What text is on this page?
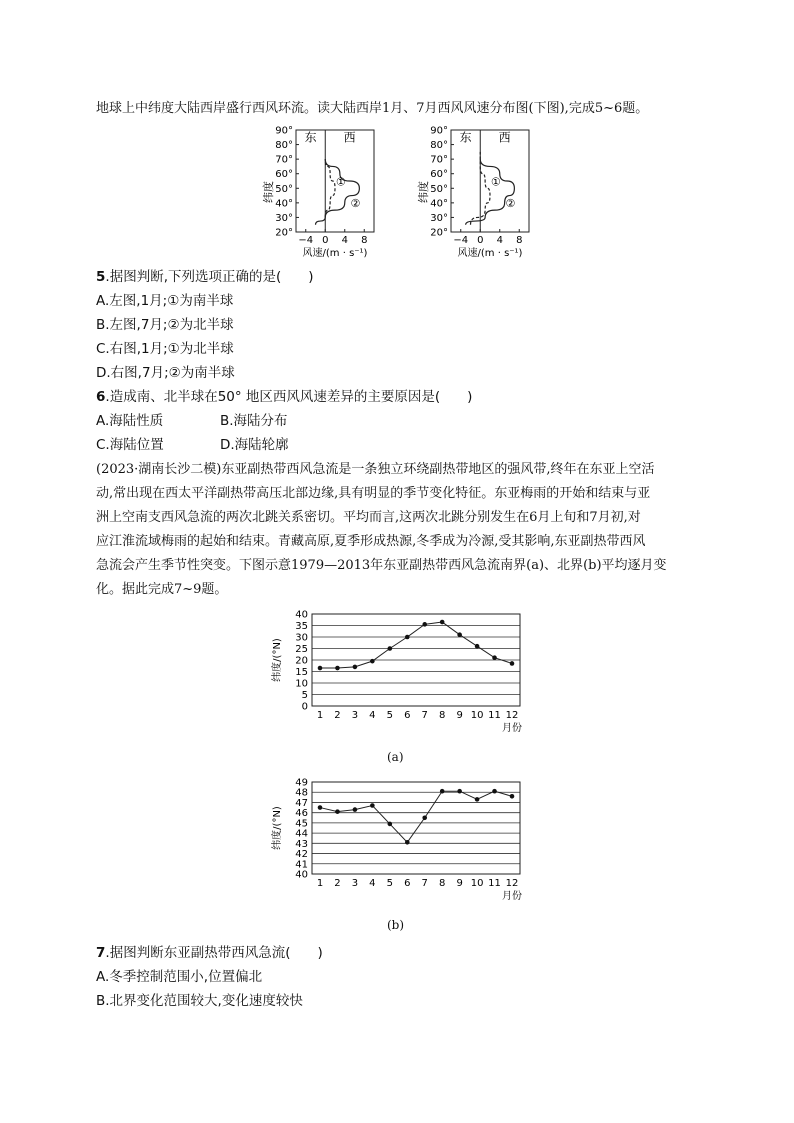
地球上中纬度大陆西岸盛行西风环流。读大陆西岸1月、7月西风风速分布图(下图),完成5~6题。
90°
80°
70°
60°
50°
40°
30°
20°
−4 0 4 8
纬度
风速/(m · s⁻¹)
东 西
①
②
90°
80°
70°
60°
50°
40°
30°
20°
−4 0 4 8
纬度
风速/(m · s⁻¹)
东 西
①
②
5.据图判断,下列选项正确的是(　　)
A.左图,1月;①为南半球
B.左图,7月;②为北半球
C.右图,1月;①为北半球
D.右图,7月;②为南半球
6.造成南、北半球在50° 地区西风风速差异的主要原因是(　　)
A.海陆性质	B.海陆分布
C.海陆位置	D.海陆轮廓
(2023·湖南长沙二模)东亚副热带西风急流是一条独立环绕副热带地区的强风带,终年在东亚上空活
动,常出现在西太平洋副热带高压北部边缘,具有明显的季节变化特征。东亚梅雨的开始和结束与亚
洲上空南支西风急流的两次北跳关系密切。平均而言,这两次北跳分别发生在6月上旬和7月初,对
应江淮流域梅雨的起始和结束。青藏高原,夏季形成热源,冬季成为冷源,受其影响,东亚副热带西风
急流会产生季节性突变。下图示意1979—2013年东亚副热带西风急流南界(a)、北界(b)平均逐月变
化。据此完成7~9题。
0
5
10
15
20
25
30
35
40
1 2 3 4 5 6 7 8 9 10 11 12
月份
纬度/(°N)
(a)
40
41
42
43
44
45
46
47
48
49
1 2 3 4 5 6 7 8 9 10 11 12
月份
纬度/(°N)
(b)
7.据图判断东亚副热带西风急流(　　)
A.冬季控制范围小,位置偏北
B.北界变化范围较大,变化速度较快
